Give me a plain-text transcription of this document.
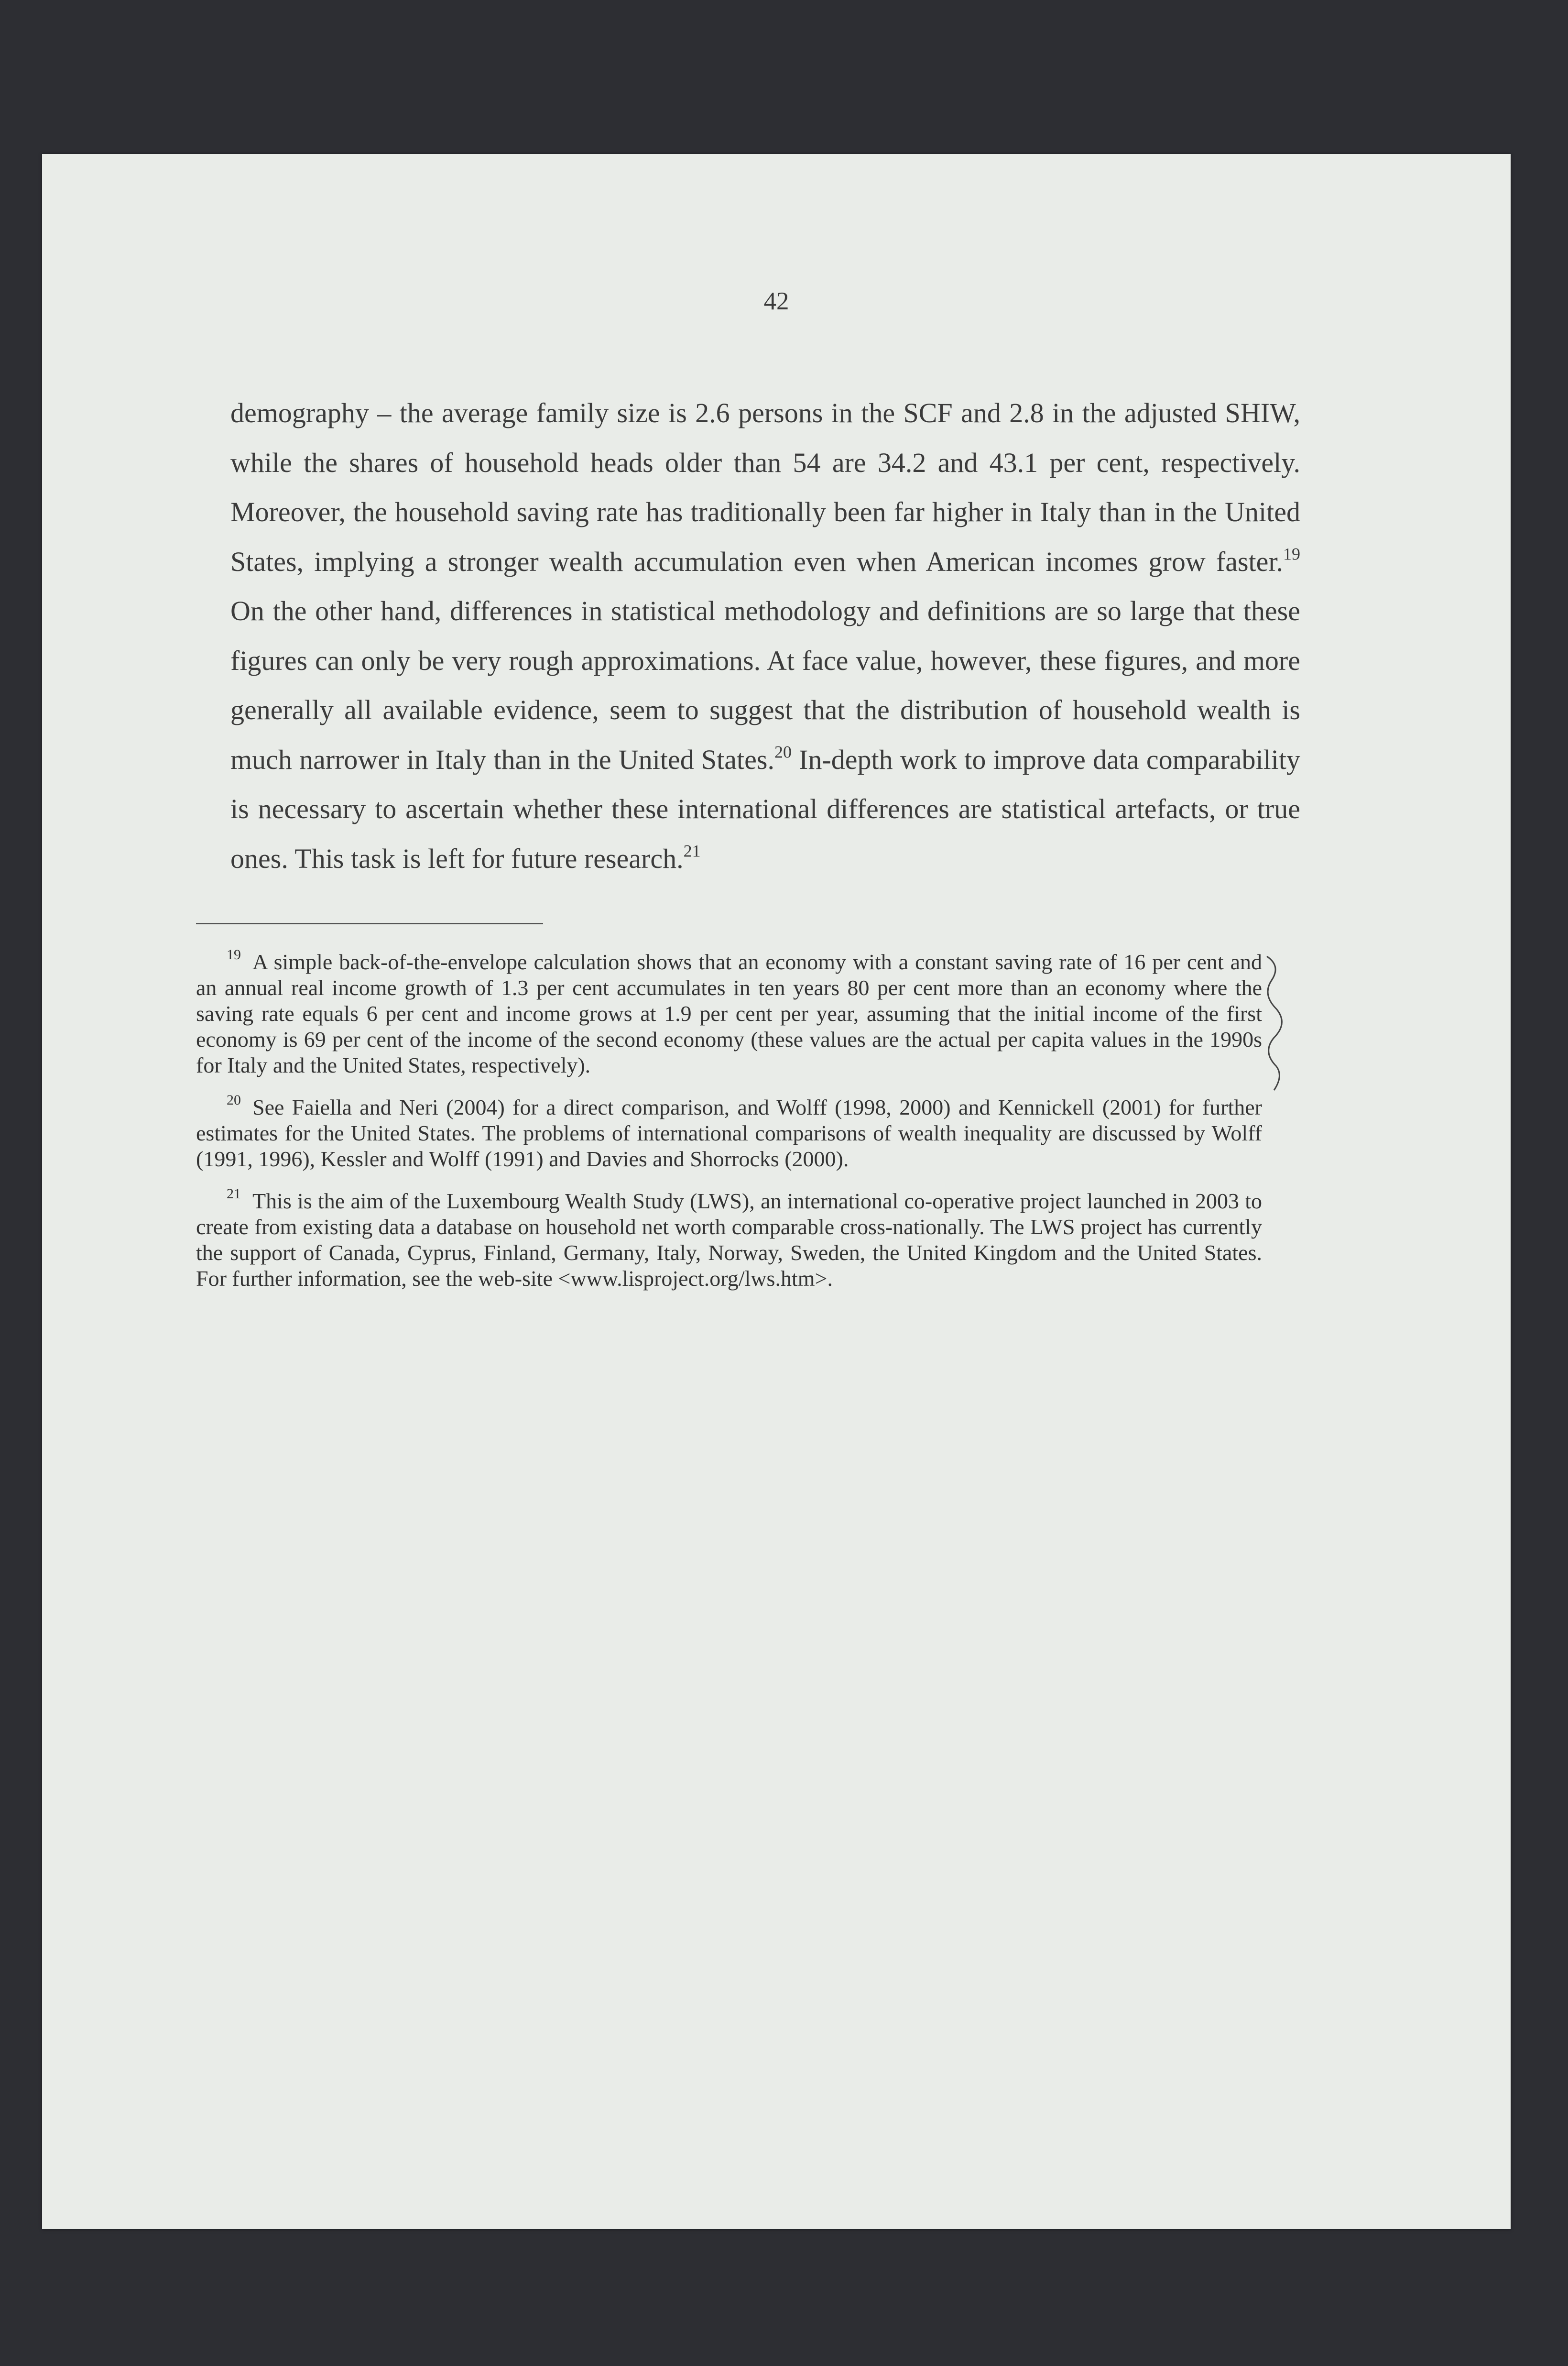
42

demography – the average family size is 2.6 persons in the SCF and 2.8 in the adjusted SHIW, while the shares of household heads older than 54 are 34.2 and 43.1 per cent, respectively. Moreover, the household saving rate has traditionally been far higher in Italy than in the United States, implying a stronger wealth accumulation even when American incomes grow faster.$^{19}$ On the other hand, differences in statistical methodology and definitions are so large that these figures can only be very rough approximations. At face value, however, these figures, and more generally all available evidence, seem to suggest that the distribution of household wealth is much narrower in Italy than in the United States.$^{20}$ In-depth work to improve data comparability is necessary to ascertain whether these international differences are statistical artefacts, or true ones. This task is left for future research.$^{21}$

$^{19}$ A simple back-of-the-envelope calculation shows that an economy with a constant saving rate of 16 per cent and an annual real income growth of 1.3 per cent accumulates in ten years 80 per cent more than an economy where the saving rate equals 6 per cent and income grows at 1.9 per cent per year, assuming that the initial income of the first economy is 69 per cent of the income of the second economy (these values are the actual per capita values in the 1990s for Italy and the United States, respectively).

$^{20}$ See Faiella and Neri (2004) for a direct comparison, and Wolff (1998, 2000) and Kennickell (2001) for further estimates for the United States. The problems of international comparisons of wealth inequality are discussed by Wolff (1991, 1996), Kessler and Wolff (1991) and Davies and Shorrocks (2000).

$^{21}$ This is the aim of the Luxembourg Wealth Study (LWS), an international co-operative project launched in 2003 to create from existing data a database on household net worth comparable cross-nationally. The LWS project has currently the support of Canada, Cyprus, Finland, Germany, Italy, Norway, Sweden, the United Kingdom and the United States. For further information, see the web-site <www.lisproject.org/lws.htm>.
